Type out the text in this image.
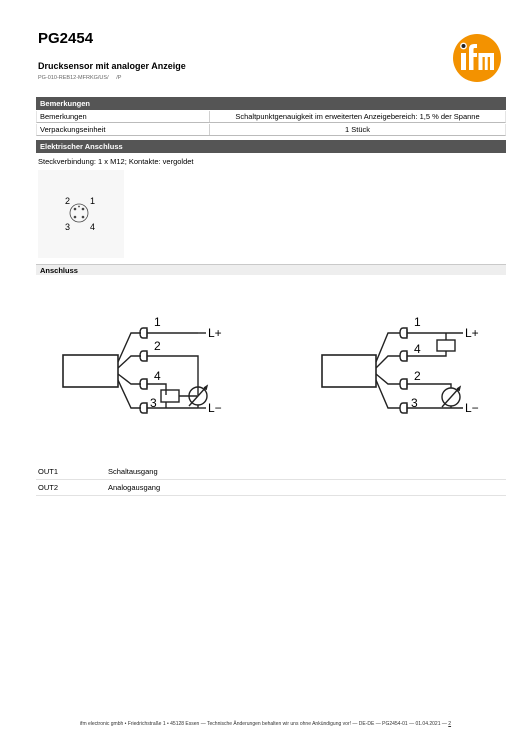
PG2454
Drucksensor mit analoger Anzeige
PG-010-REB12-MFRKG/US/ /P
Bemerkungen
Bemerkungen	Schaltpunktgenauigkeit im erweiterten Anzeigebereich: 1,5 % der Spanne
Verpackungseinheit	1 Stück
Elektrischer Anschluss
Steckverbindung: 1 x M12; Kontakte: vergoldet
2 1
3 4
Anschluss
1
2
4
3
L+
L−
1
4
2
3
L+
L−
OUT1	Schaltausgang
OUT2	Analogausgang
ifm electronic gmbh • Friedrichstraße 1 • 45128 Essen — Technische Änderungen behalten wir uns ohne Ankündigung vor! — DE-DE — PG2454-01 — 01.04.2021 — 2
